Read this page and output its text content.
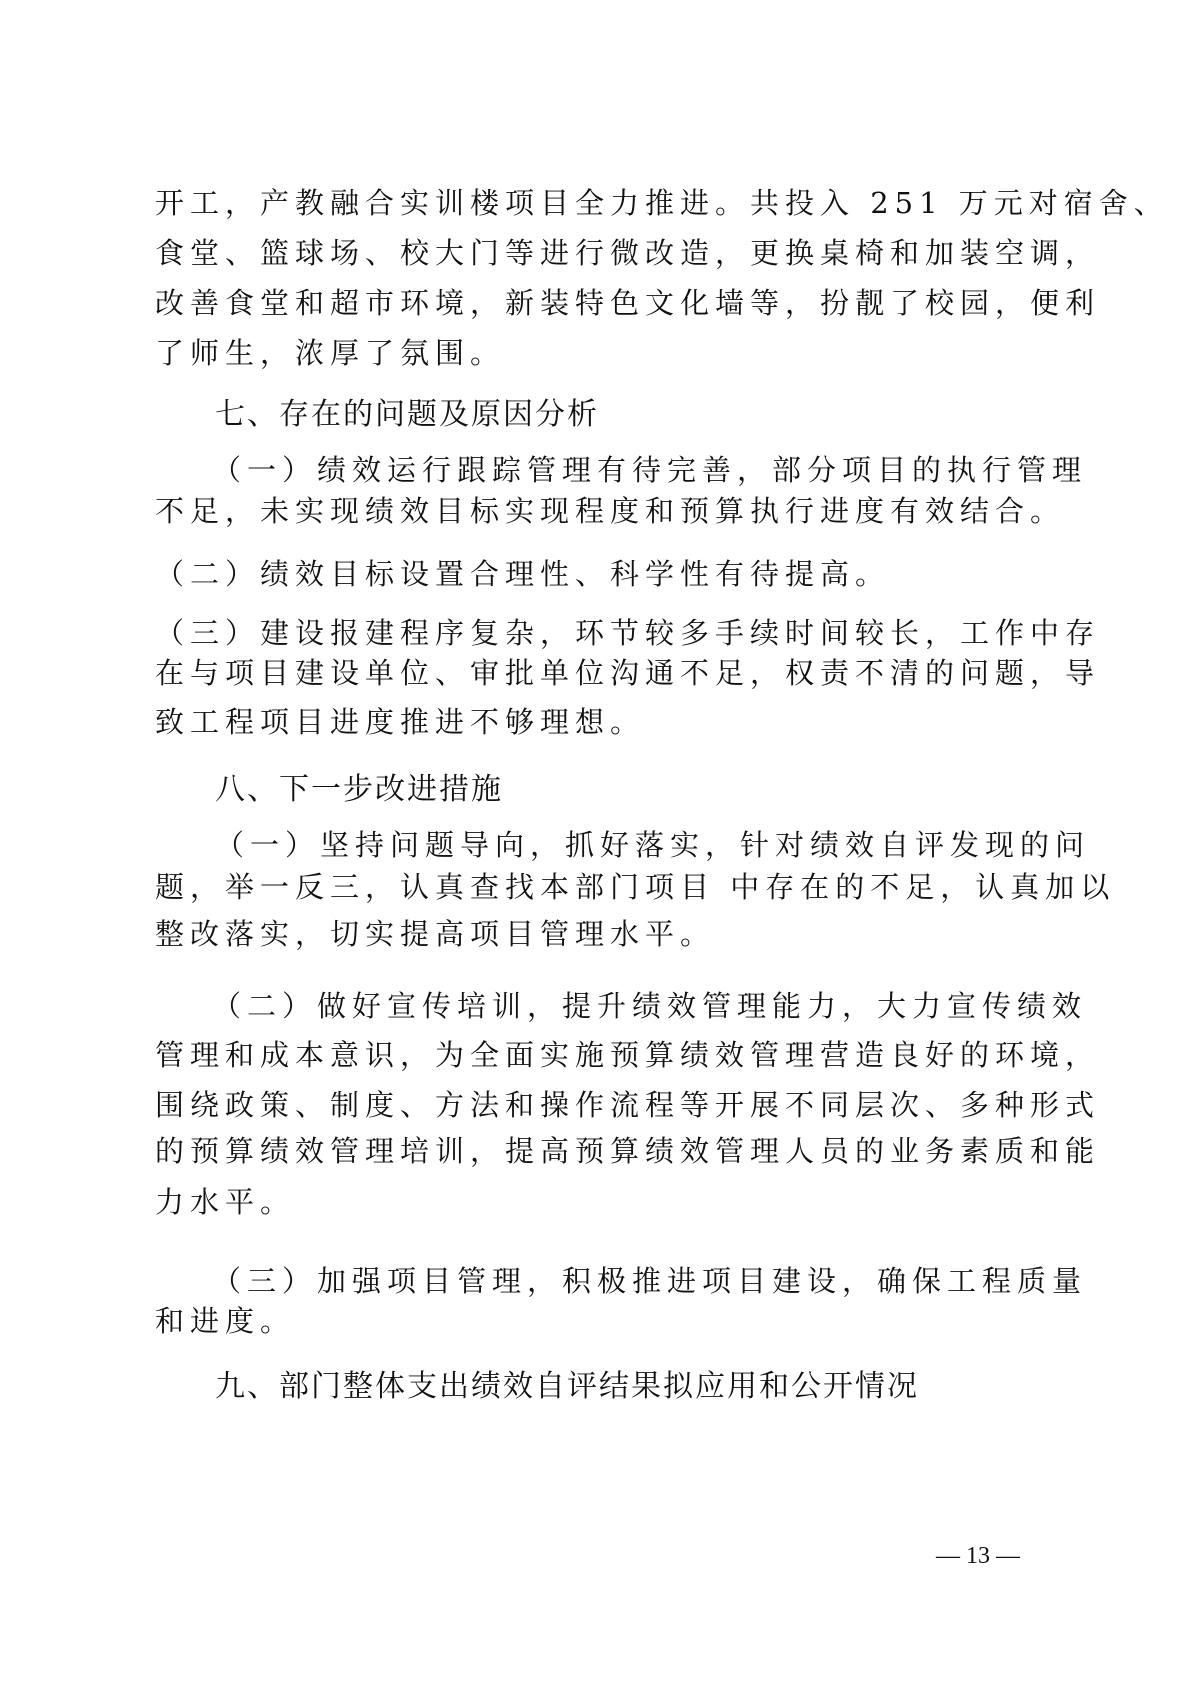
开工，产教融合实训楼项目全力推进。共投入 251 万元对宿舍、
食堂、篮球场、校大门等进行微改造，更换桌椅和加装空调，
改善食堂和超市环境，新装特色文化墙等，扮靓了校园，便利
了师生，浓厚了氛围。
七、存在的问题及原因分析
（一）绩效运行跟踪管理有待完善，部分项目的执行管理
不足，未实现绩效目标实现程度和预算执行进度有效结合。
（二）绩效目标设置合理性、科学性有待提高。
（三）建设报建程序复杂，环节较多手续时间较长，工作中存
在与项目建设单位、审批单位沟通不足，权责不清的问题，导
致工程项目进度推进不够理想。
八、下一步改进措施
（一）坚持问题导向，抓好落实，针对绩效自评发现的问
题，举一反三，认真查找本部门项目 中存在的不足，认真加以
整改落实，切实提高项目管理水平。
（二）做好宣传培训，提升绩效管理能力，大力宣传绩效
管理和成本意识，为全面实施预算绩效管理营造良好的环境，
围绕政策、制度、方法和操作流程等开展不同层次、多种形式
的预算绩效管理培训，提高预算绩效管理人员的业务素质和能
力水平。
（三）加强项目管理，积极推进项目建设，确保工程质量
和进度。
九、部门整体支出绩效自评结果拟应用和公开情况
— 13 —
